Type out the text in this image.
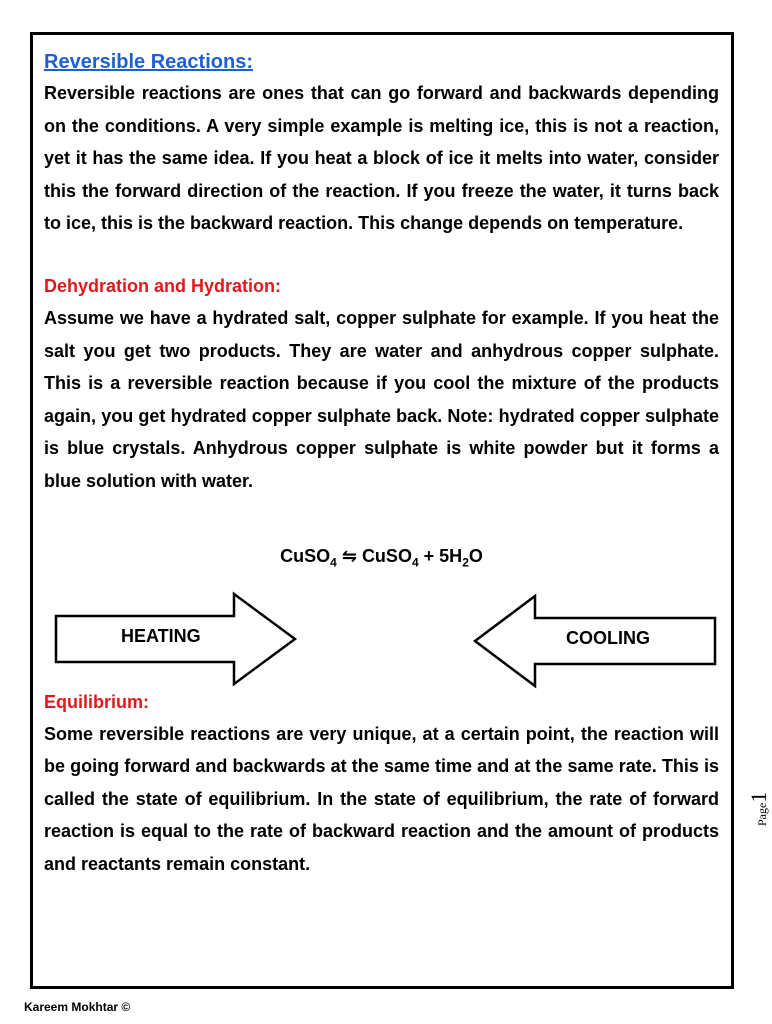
Reversible Reactions:

Reversible reactions are ones that can go forward and backwards depending on the conditions. A very simple example is melting ice, this is not a reaction, yet it has the same idea. If you heat a block of ice it melts into water, consider this the forward direction of the reaction. If you freeze the water, it turns back to ice, this is the backward reaction. This change depends on temperature.

Dehydration and Hydration:

Assume we have a hydrated salt, copper sulphate for example. If you heat the salt you get two products. They are water and anhydrous copper sulphate. This is a reversible reaction because if you cool the mixture of the products again, you get hydrated copper sulphate back. Note: hydrated copper sulphate is blue crystals. Anhydrous copper sulphate is white powder but it forms a blue solution with water.

CuSO$_4$ ⇋ CuSO$_4$ + $5H_2O$
HEATING	COOLING

Equilibrium:

Some reversible reactions are very unique, at a certain point, the reaction will be going forward and backwards at the same time and at the same rate. This is called the state of equilibrium. In the state of equilibrium, the rate of forward reaction is equal to the rate of backward reaction and the amount of products and reactants remain constant.

Page1
Kareem Mokhtar ©
